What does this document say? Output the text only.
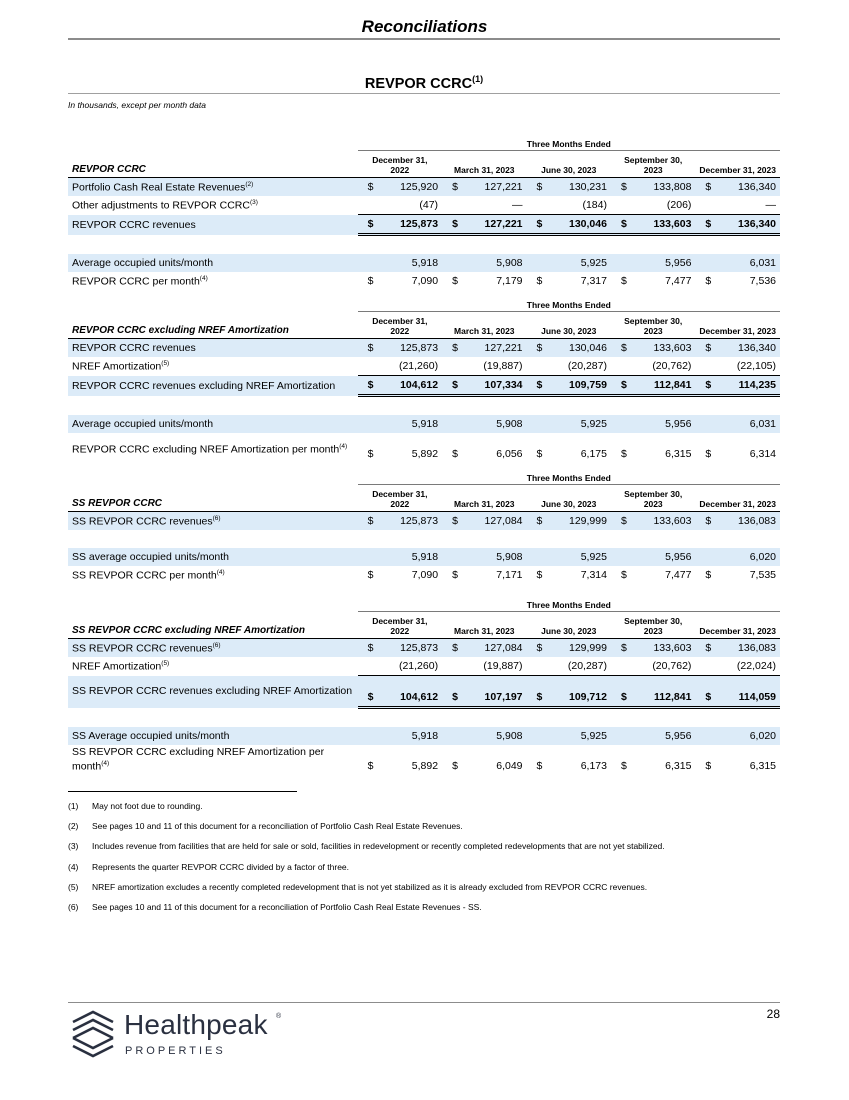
Reconciliations
REVPOR CCRC$^{(1)}$
In thousands, except per month data
	Three Months Ended									
REVPOR CCRC	December 31, 2022		March 31, 2023		June 30, 2023		September 30, 2023		December 31, 2023	
Portfolio Cash Real Estate Revenues$^{(2)}$	$	125,920	$	127,221	$	130,231	$	133,808	$	136,340
Other adjustments to REVPOR CCRC$^{(3)}$		(47)		—		(184)		(206)		—
REVPOR CCRC revenues	$	125,873	$	127,221	$	130,046	$	133,603	$	136,340

Average occupied units/month		5,918		5,908		5,925		5,956		6,031
REVPOR CCRC per month$^{(4)}$	$	7,090	$	7,179	$	7,317	$	7,477	$	7,536
	Three Months Ended									
REVPOR CCRC excluding NREF Amortization	December 31, 2022		March 31, 2023		June 30, 2023		September 30, 2023		December 31, 2023	
REVPOR CCRC revenues	$	125,873	$	127,221	$	130,046	$	133,603	$	136,340
NREF Amortization$^{(5)}$		(21,260)		(19,887)		(20,287)		(20,762)		(22,105)
REVPOR CCRC revenues excluding NREF Amortization	$	104,612	$	107,334	$	109,759	$	112,841	$	114,235

Average occupied units/month		5,918		5,908		5,925		5,956		6,031
REVPOR CCRC excluding NREF Amortization per month$^{(4)}$	$	5,892	$	6,056	$	6,175	$	6,315	$	6,314
	Three Months Ended									
SS REVPOR CCRC	December 31, 2022		March 31, 2023		June 30, 2023		September 30, 2023		December 31, 2023	
SS REVPOR CCRC revenues$^{(6)}$	$	125,873	$	127,084	$	129,999	$	133,603	$	136,083

SS average occupied units/month		5,918		5,908		5,925		5,956		6,020
SS REVPOR CCRC per month$^{(4)}$	$	7,090	$	7,171	$	7,314	$	7,477	$	7,535
	Three Months Ended									
SS REVPOR CCRC excluding NREF Amortization	December 31, 2022		March 31, 2023		June 30, 2023		September 30, 2023		December 31, 2023	
SS REVPOR CCRC revenues$^{(6)}$	$	125,873	$	127,084	$	129,999	$	133,603	$	136,083
NREF Amortization$^{(5)}$		(21,260)		(19,887)		(20,287)		(20,762)		(22,024)
SS REVPOR CCRC revenues excluding NREF Amortization	$	104,612	$	107,197	$	109,712	$	112,841	$	114,059

SS Average occupied units/month		5,918		5,908		5,925		5,956		6,020
SS REVPOR CCRC excluding NREF Amortization per month$^{(4)}$	$	5,892	$	6,049	$	6,173	$	6,315	$	6,315
(1) May not foot due to rounding.
(2) See pages 10 and 11 of this document for a reconciliation of Portfolio Cash Real Estate Revenues.
(3) Includes revenue from facilities that are held for sale or sold, facilities in redevelopment or recently completed redevelopments that are not yet stabilized.
(4) Represents the quarter REVPOR CCRC divided by a factor of three.
(5) NREF amortization excludes a recently completed redevelopment that is not yet stabilized as it is already excluded from REVPOR CCRC revenues.
(6) See pages 10 and 11 of this document for a reconciliation of Portfolio Cash Real Estate Revenues - SS.
Healthpeak ®
PROPERTIES
28
